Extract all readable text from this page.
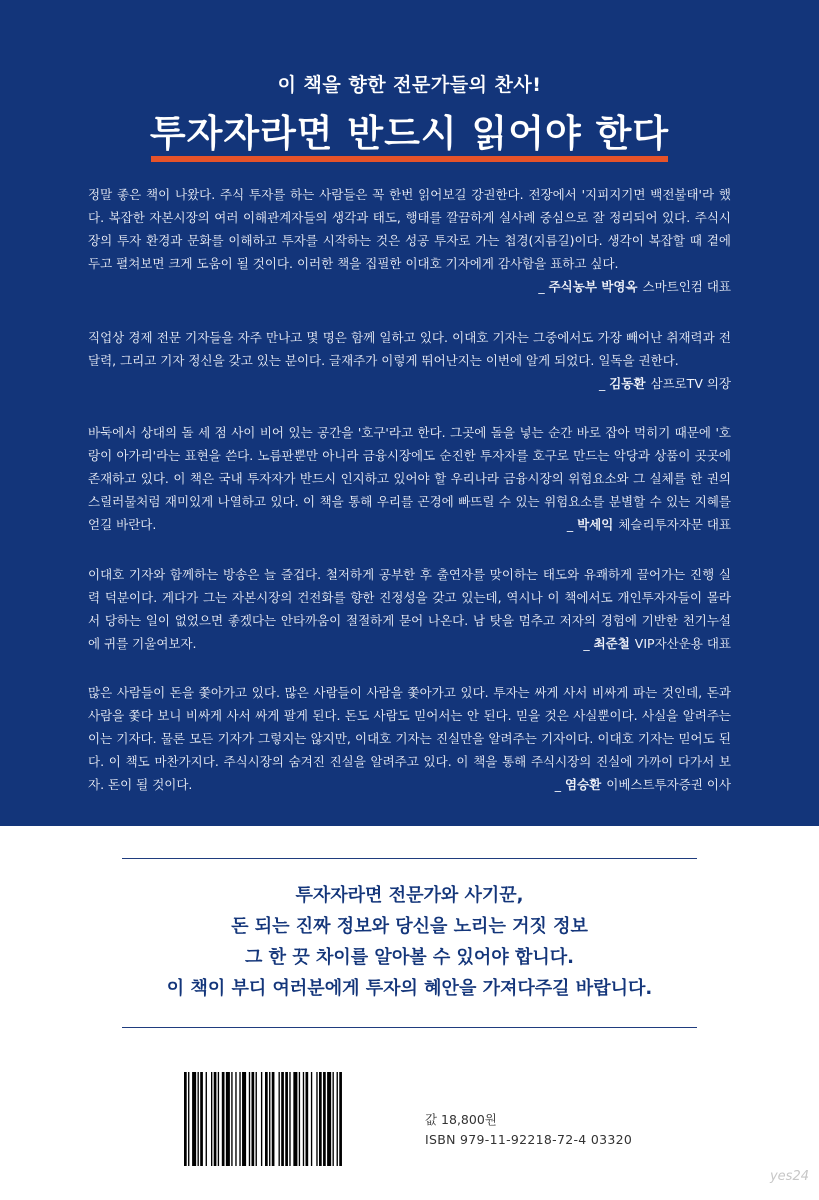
이 책을 향한 전문가들의 찬사!
투자자라면 반드시 읽어야 한다
정말 좋은 책이 나왔다. 주식 투자를 하는 사람들은 꼭 한번 읽어보길 강권한다. 전장에서 '지피지기면 백전불태'라 했다. 복잡한 자본시장의 여러 이해관계자들의 생각과 태도, 행태를 깔끔하게 실사례 중심으로 잘 정리되어 있다. 주식시장의 투자 환경과 문화를 이해하고 투자를 시작하는 것은 성공 투자로 가는 첩경(지름길)이다. 생각이 복잡할 때 곁에 두고 펼쳐보면 크게 도움이 될 것이다. 이러한 책을 집필한 이대호 기자에게 감사함을 표하고 싶다.
_ 주식농부 박영옥 스마트인컴 대표
직업상 경제 전문 기자들을 자주 만나고 몇 명은 함께 일하고 있다. 이대호 기자는 그중에서도 가장 빼어난 취재력과 전달력, 그리고 기자 정신을 갖고 있는 분이다. 글재주가 이렇게 뛰어난지는 이번에 알게 되었다. 일독을 권한다.
_ 김동환 삼프로TV 의장
바둑에서 상대의 돌 세 점 사이 비어 있는 공간을 '호구'라고 한다. 그곳에 돌을 넣는 순간 바로 잡아 먹히기 때문에 '호랑이 아가리'라는 표현을 쓴다. 노름판뿐만 아니라 금융시장에도 순진한 투자자를 호구로 만드는 악당과 상품이 곳곳에 존재하고 있다. 이 책은 국내 투자자가 반드시 인지하고 있어야 할 우리나라 금융시장의 위험요소와 그 실체를 한 권의 스릴러물처럼 재미있게 나열하고 있다. 이 책을 통해 우리를 곤경에 빠뜨릴 수 있는 위험요소를 분별할 수 있는 지혜를 얻길 바란다.	_ 박세익 체슬리투자자문 대표
이대호 기자와 함께하는 방송은 늘 즐겁다. 철저하게 공부한 후 출연자를 맞이하는 태도와 유쾌하게 끌어가는 진행 실력 덕분이다. 게다가 그는 자본시장의 건전화를 향한 진정성을 갖고 있는데, 역시나 이 책에서도 개인투자자들이 몰라서 당하는 일이 없었으면 좋겠다는 안타까움이 절절하게 묻어 나온다. 남 탓을 멈추고 저자의 경험에 기반한 천기누설에 귀를 기울여보자.	_ 최준철 VIP자산운용 대표
많은 사람들이 돈을 쫓아가고 있다. 많은 사람들이 사람을 쫓아가고 있다. 투자는 싸게 사서 비싸게 파는 것인데, 돈과 사람을 쫓다 보니 비싸게 사서 싸게 팔게 된다. 돈도 사람도 믿어서는 안 된다. 믿을 것은 사실뿐이다. 사실을 알려주는 이는 기자다. 물론 모든 기자가 그렇지는 않지만, 이대호 기자는 진실만을 알려주는 기자이다. 이대호 기자는 믿어도 된다. 이 책도 마찬가지다. 주식시장의 숨겨진 진실을 알려주고 있다. 이 책을 통해 주식시장의 진실에 가까이 다가서 보자. 돈이 될 것이다.	_ 염승환 이베스트투자증권 이사
투자자라면 전문가와 사기꾼,
돈 되는 진짜 정보와 당신을 노리는 거짓 정보
그 한 끗 차이를 알아볼 수 있어야 합니다.
이 책이 부디 여러분에게 투자의 혜안을 가져다주길 바랍니다.
값 18,800원
ISBN 979-11-92218-72-4 03320
yes24
